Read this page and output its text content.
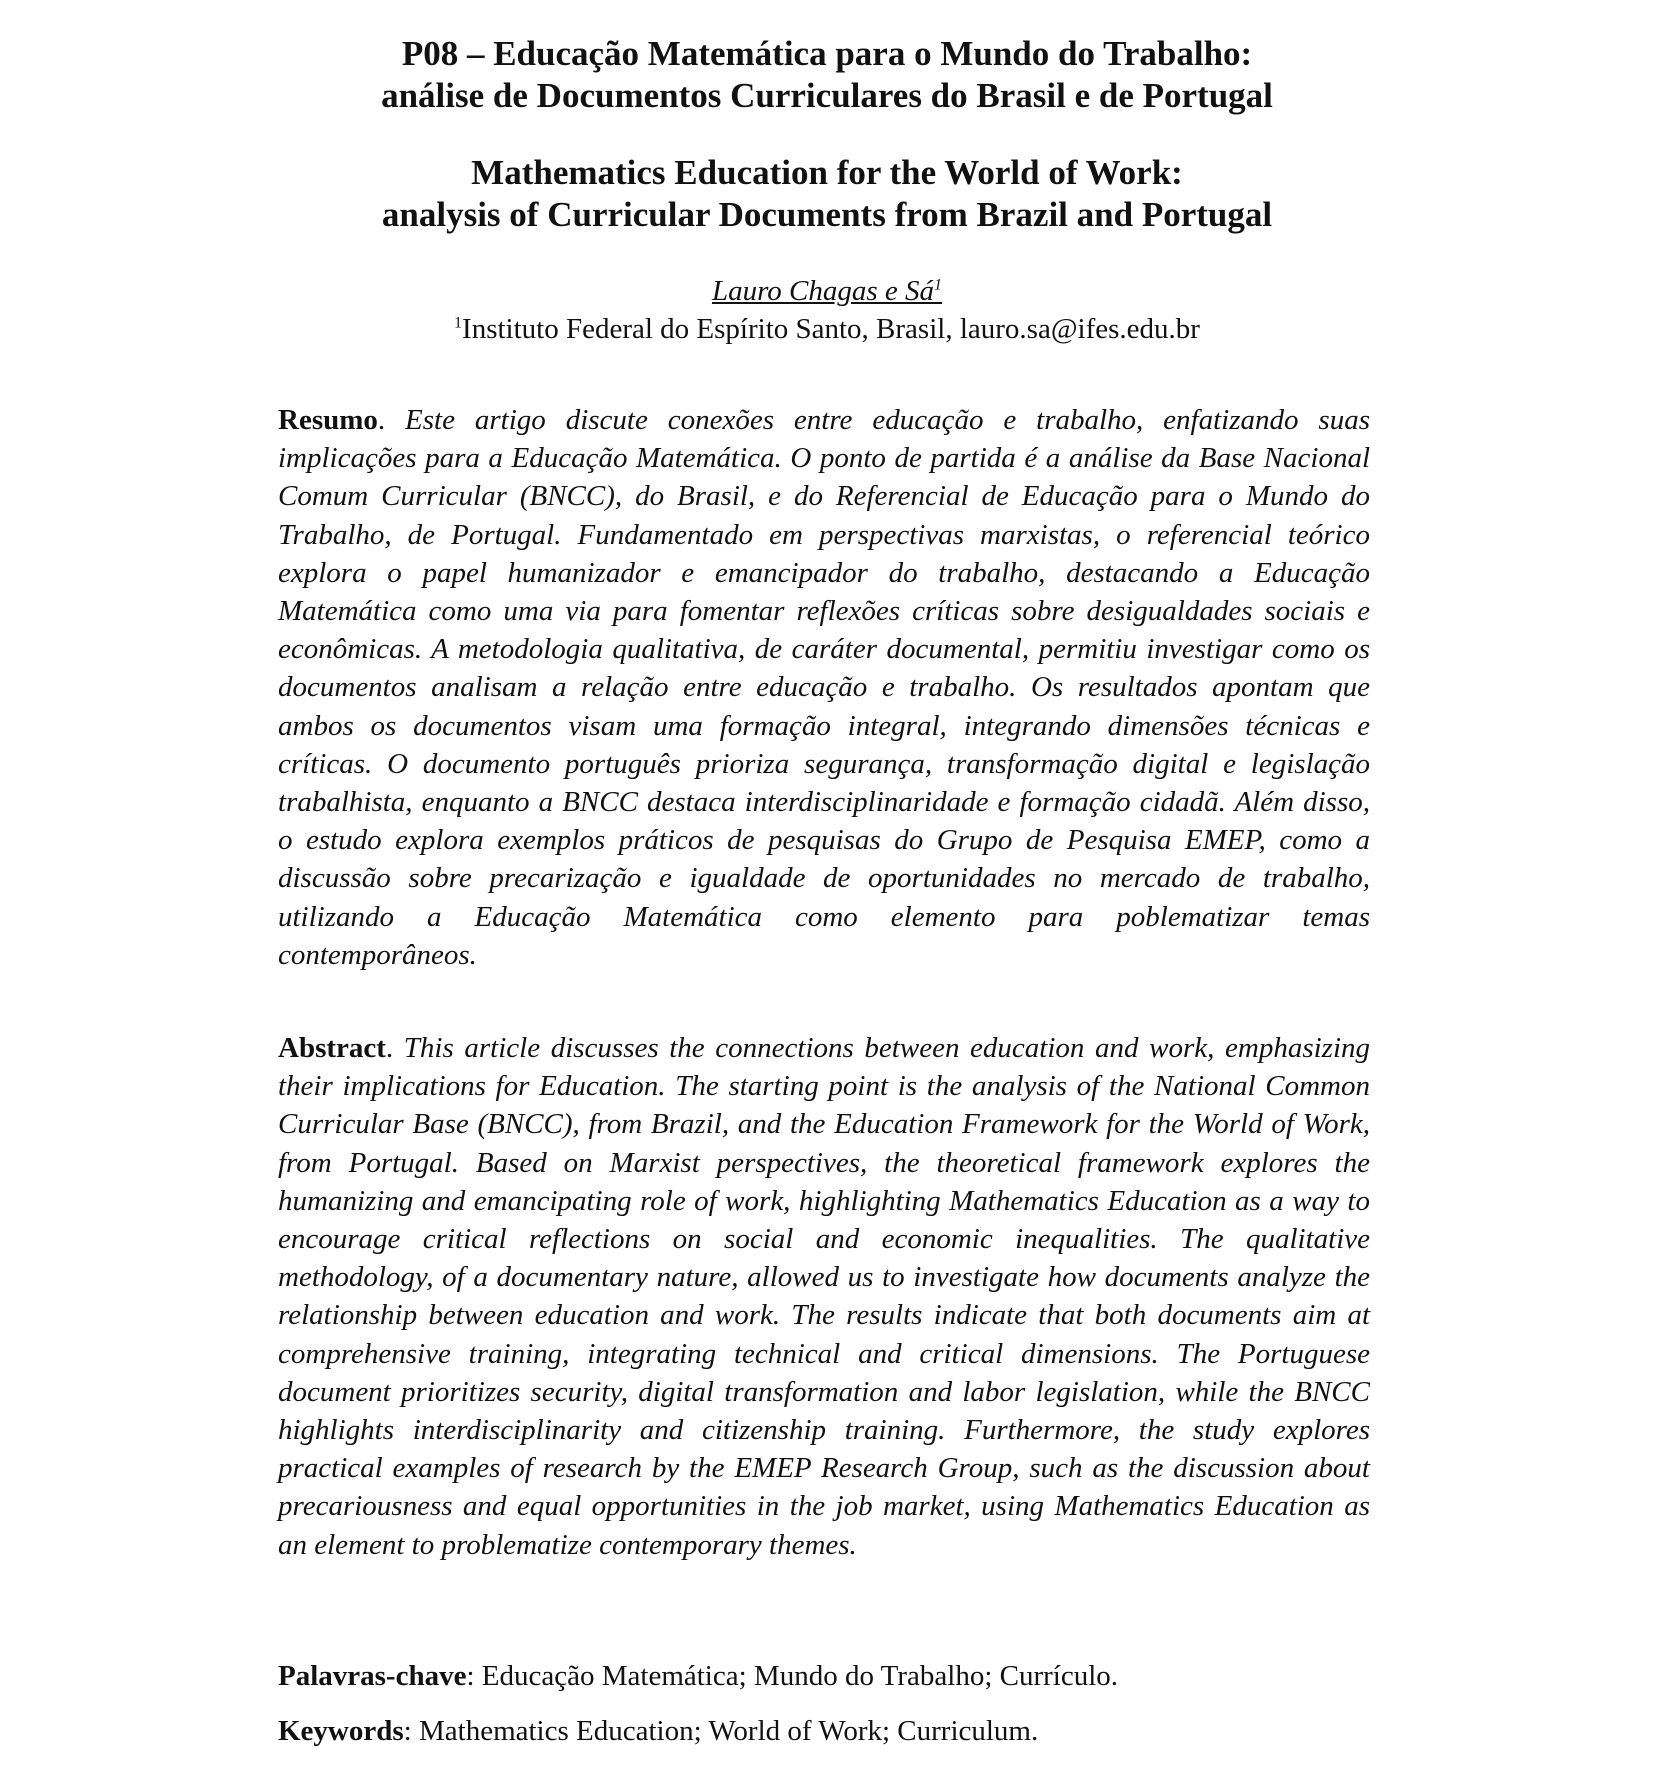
P08 – Educação Matemática para o Mundo do Trabalho:
análise de Documentos Curriculares do Brasil e de Portugal
Mathematics Education for the World of Work:
analysis of Curricular Documents from Brazil and Portugal
Lauro Chagas e $Sá^1$
$^1$Instituto Federal do Espírito Santo, Brasil, lauro.sa@ifes.edu.br

Resumo. Este artigo discute conexões entre educação e trabalho, enfatizando suas implicações para a Educação Matemática. O ponto de partida é a análise da Base Nacional Comum Curricular (BNCC), do Brasil, e do Referencial de Educação para o Mundo do Trabalho, de Portugal. Fundamentado em perspectivas marxistas, o referencial teórico explora o papel humanizador e emancipador do trabalho, destacando a Educação Matemática como uma via para fomentar reflexões críticas sobre desigualdades sociais e econômicas. A metodologia qualitativa, de caráter documental, permitiu investigar como os documentos analisam a relação entre educação e trabalho. Os resultados apontam que ambos os documentos visam uma formação integral, integrando dimensões técnicas e críticas. O documento português prioriza segurança, transformação digital e legislação trabalhista, enquanto a BNCC destaca interdisciplinaridade e formação cidadã. Além disso, o estudo explora exemplos práticos de pesquisas do Grupo de Pesquisa EMEP, como a discussão sobre precarização e igualdade de oportunidades no mercado de trabalho, utilizando a Educação Matemática como elemento para poblematizar temas contemporâneos.

Abstract. This article discusses the connections between education and work, emphasizing their implications for Education. The starting point is the analysis of the National Common Curricular Base (BNCC), from Brazil, and the Education Framework for the World of Work, from Portugal. Based on Marxist perspectives, the theoretical framework explores the humanizing and emancipating role of work, highlighting Mathematics Education as a way to encourage critical reflections on social and economic inequalities. The qualitative methodology, of a documentary nature, allowed us to investigate how documents analyze the relationship between education and work. The results indicate that both documents aim at comprehensive training, integrating technical and critical dimensions. The Portuguese document prioritizes security, digital transformation and labor legislation, while the BNCC highlights interdisciplinarity and citizenship training. Furthermore, the study explores practical examples of research by the EMEP Research Group, such as the discussion about precariousness and equal opportunities in the job market, using Mathematics Education as an element to problematize contemporary themes.

Palavras-chave: Educação Matemática; Mundo do Trabalho; Currículo.

Keywords: Mathematics Education; World of Work; Curriculum.
